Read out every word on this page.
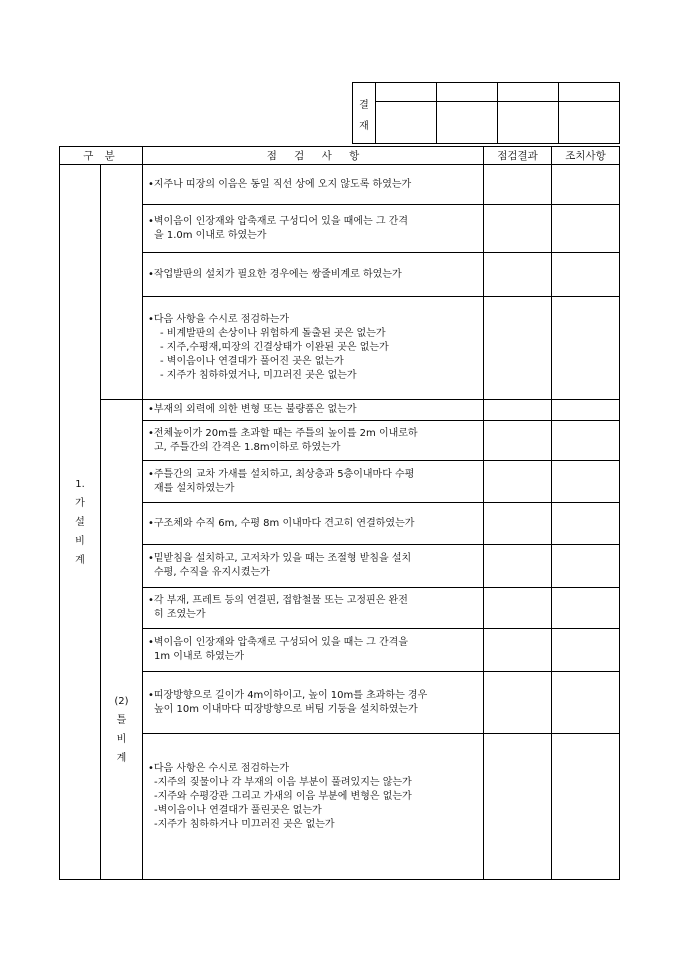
결
재				

구 분		점 검 사 항	점검결과	조치사항

1.
가
설
비
계		•지주나 띠장의 이음은 동일 직선 상에 오지 않도록 하였는가		

		•벽이음이 인장재와 압축재로 구성디어 있을 때에는 그 간격
을 1.0m 이내로 하였는가		

		•작업발판의 설치가 필요한 경우에는 쌍줄비계로 하였는가		

		•다음 사항을 수시로 점검하는가
- 비계발판의 손상이나 위험하게 돌출된 곳은 없는가
- 지주,수평재,띠장의 긴결상태가 이완된 곳은 없는가
- 벽이음이나 연결대가 풀어진 곳은 없는가
- 지주가 침하하였거나, 미끄러진 곳은 없는가		

	(2)
틀
비
계	•부재의 외력에 의한 변형 또는 불량품은 없는가		

		•전체높이가 20m를 초과할 때는 주틀의 높이를 2m 이내로하
고, 주틀간의 간격은 1.8m이하로 하였는가		

		•주틀간의 교차 가새를 설치하고, 최상층과 5층이내마다 수평
재를 설치하였는가		

		•구조체와 수직 6m, 수평 8m 이내마다 견고히 연결하였는가		

		•밑받침을 설치하고, 고저차가 있을 때는 조절형 받침을 설치
수평, 수직을 유지시켰는가		

		•각 부재, 프레트 등의 연결핀, 접합철물 또는 고정핀은 완전
히 조였는가		

		•벽이음이 인장재와 압축재로 구성되어 있을 때는 그 간격을
1m 이내로 하였는가		

		•띠장방향으로 길이가 4m이하이고, 높이 10m를 초과하는 경우
높이 10m 이내마다 띠장방향으로 버팀 기둥을 설치하였는가		

		•다음 사항은 수시로 점검하는가
-지주의 짖물이나 각 부재의 이음 부분이 풀려있지는 않는가
-지주와 수평강관 그리고 가새의 이음 부분에 변형은 없는가
-벽이음이나 연결대가 풀린곳은 없는가
-지주가 침하하거나 미끄러진 곳은 없는가		
